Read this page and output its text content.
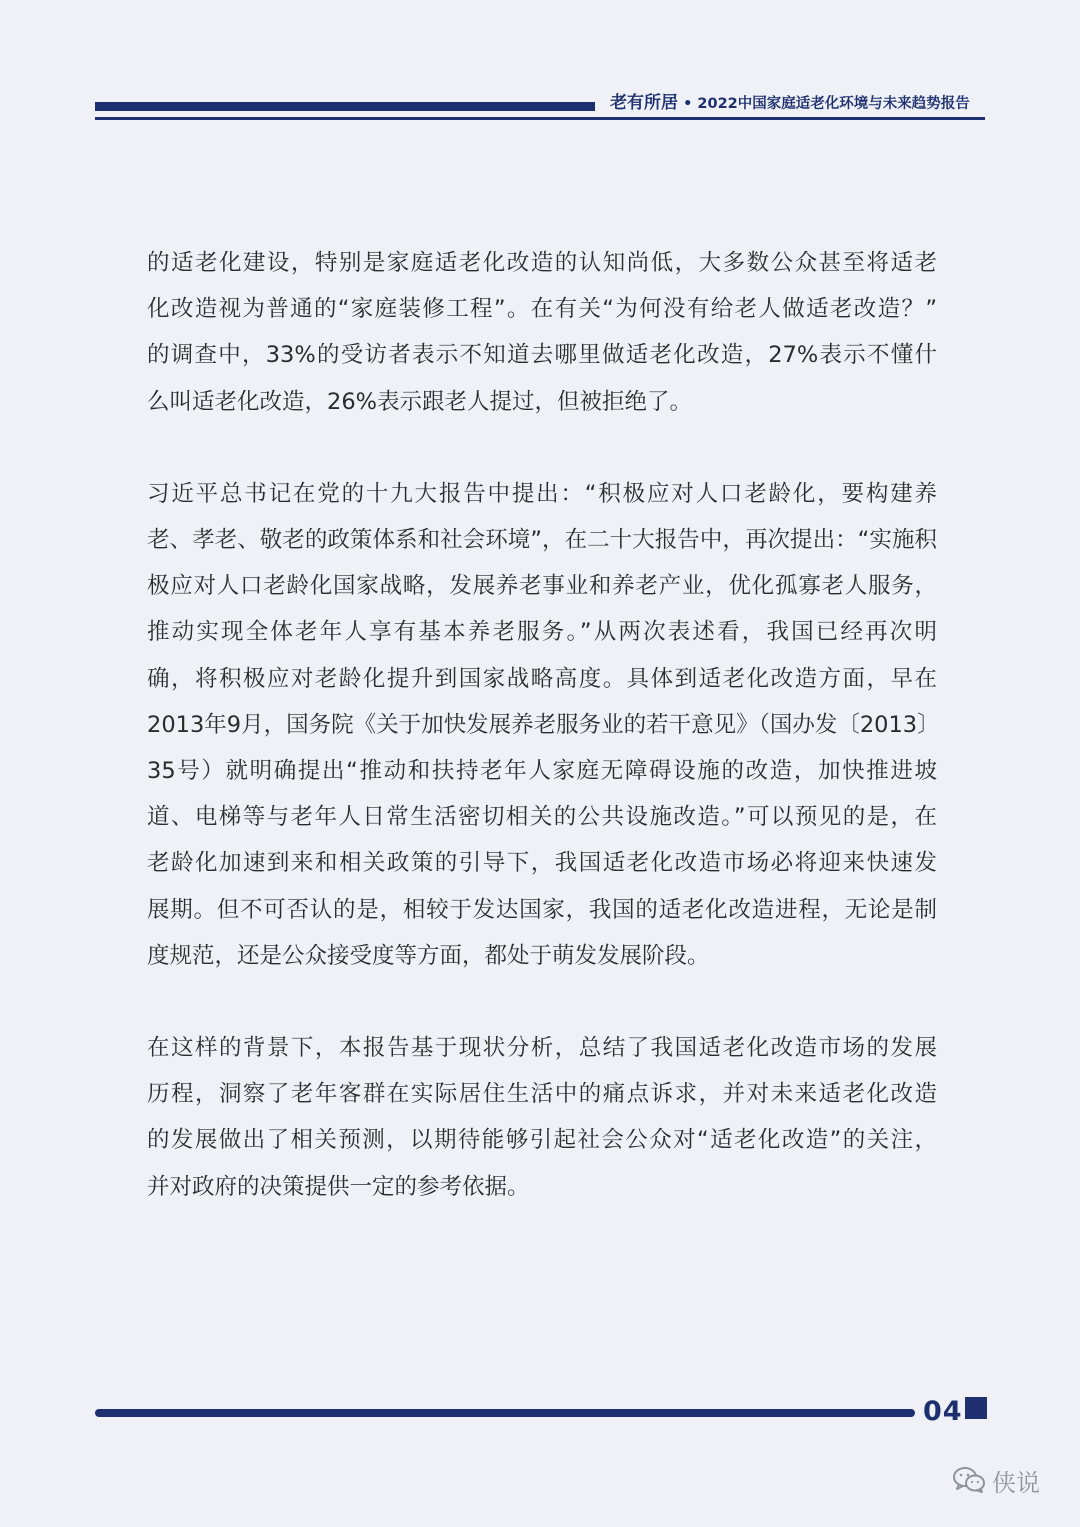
老有所居 • 2022中国家庭适老化环境与未来趋势报告

的适老化建设，特别是家庭适老化改造的认知尚低，大多数公众甚至将适老
化改造视为普通的“家庭装修工程”。在有关“为何没有给老人做适老改造？”
的调查中，33%的受访者表示不知道去哪里做适老化改造，27%表示不懂什
么叫适老化改造，26%表示跟老人提过，但被拒绝了。

习近平总书记在党的十九大报告中提出：“积极应对人口老龄化，要构建养
老、孝老、敬老的政策体系和社会环境”，在二十大报告中，再次提出：“实施积
极应对人口老龄化国家战略，发展养老事业和养老产业，优化孤寡老人服务，
推动实现全体老年人享有基本养老服务。”从两次表述看，我国已经再次明
确，将积极应对老龄化提升到国家战略高度。具体到适老化改造方面，早在
2013年9月，国务院《关于加快发展养老服务业的若干意见》（国办发〔2013〕
35号）就明确提出“推动和扶持老年人家庭无障碍设施的改造，加快推进坡
道、电梯等与老年人日常生活密切相关的公共设施改造。”可以预见的是，在
老龄化加速到来和相关政策的引导下，我国适老化改造市场必将迎来快速发
展期。但不可否认的是，相较于发达国家，我国的适老化改造进程，无论是制
度规范，还是公众接受度等方面，都处于萌发发展阶段。

在这样的背景下，本报告基于现状分析，总结了我国适老化改造市场的发展
历程，洞察了老年客群在实际居住生活中的痛点诉求，并对未来适老化改造
的发展做出了相关预测，以期待能够引起社会公众对“适老化改造”的关注，
并对政府的决策提供一定的参考依据。

04
侠说
